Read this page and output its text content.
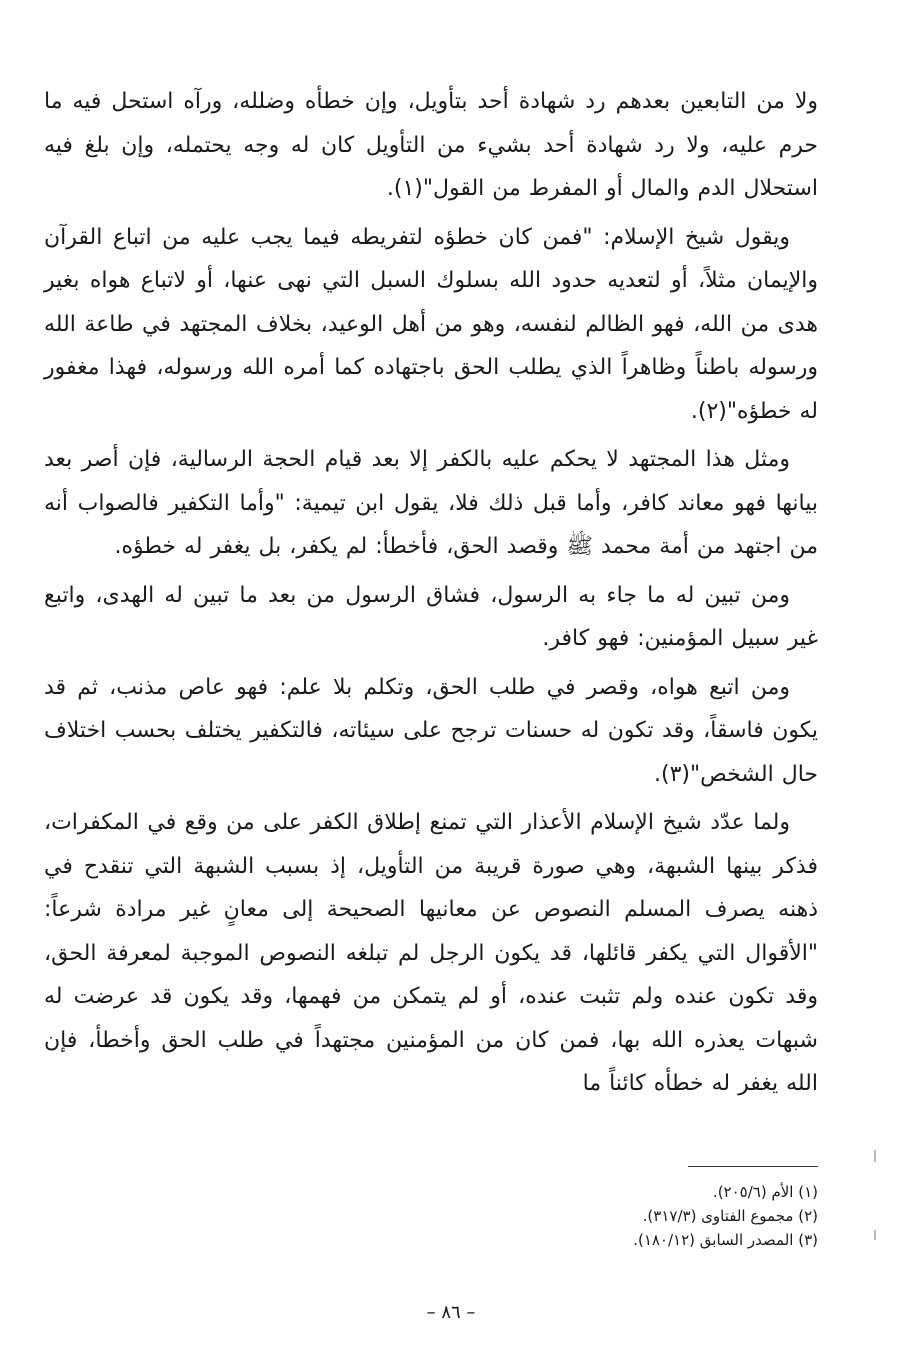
ولا من التابعين بعدهم رد شهادة أحد بتأويل، وإن خطأه وضلله، ورآه استحل فيه ما حرم عليه، ولا رد شهادة أحد بشيء من التأويل كان له وجه يحتمله، وإن بلغ فيه استحلال الدم والمال أو المفرط من القول"(١).

ويقول شيخ الإسلام: "فمن كان خطؤه لتفريطه فيما يجب عليه من اتباع القرآن والإيمان مثلاً، أو لتعديه حدود الله بسلوك السبل التي نهى عنها، أو لاتباع هواه بغير هدى من الله، فهو الظالم لنفسه، وهو من أهل الوعيد، بخلاف المجتهد في طاعة الله ورسوله باطناً وظاهراً الذي يطلب الحق باجتهاده كما أمره الله ورسوله، فهذا مغفور له خطؤه"(٢).

ومثل هذا المجتهد لا يحكم عليه بالكفر إلا بعد قيام الحجة الرسالية، فإن أصر بعد بيانها فهو معاند كافر، وأما قبل ذلك فلا، يقول ابن تيمية: "وأما التكفير فالصواب أنه من اجتهد من أمة محمد ﷺ وقصد الحق، فأخطأ: لم يكفر، بل يغفر له خطؤه.

ومن تبين له ما جاء به الرسول، فشاق الرسول من بعد ما تبين له الهدى، واتبع غير سبيل المؤمنين: فهو كافر.

ومن اتبع هواه، وقصر في طلب الحق، وتكلم بلا علم: فهو عاص مذنب، ثم قد يكون فاسقاً، وقد تكون له حسنات ترجح على سيئاته، فالتكفير يختلف بحسب اختلاف حال الشخص"(٣).

ولما عدّد شيخ الإسلام الأعذار التي تمنع إطلاق الكفر على من وقع في المكفرات، فذكر بينها الشبهة، وهي صورة قريبة من التأويل، إذ بسبب الشبهة التي تنقدح في ذهنه يصرف المسلم النصوص عن معانيها الصحيحة إلى معانٍ غير مرادة شرعاً: "الأقوال التي يكفر قائلها، قد يكون الرجل لم تبلغه النصوص الموجبة لمعرفة الحق، وقد تكون عنده ولم تثبت عنده، أو لم يتمكن من فهمها، وقد يكون قد عرضت له شبهات يعذره الله بها، فمن كان من المؤمنين مجتهداً في طلب الحق وأخطأ، فإن الله يغفر له خطأه كائناً ما

(١) الأم (٢٠٥/٦).

(٢) مجموع الفتاوى (٣١٧/٣).

(٣) المصدر السابق (١٨٠/١٢).

– ٨٦ –
